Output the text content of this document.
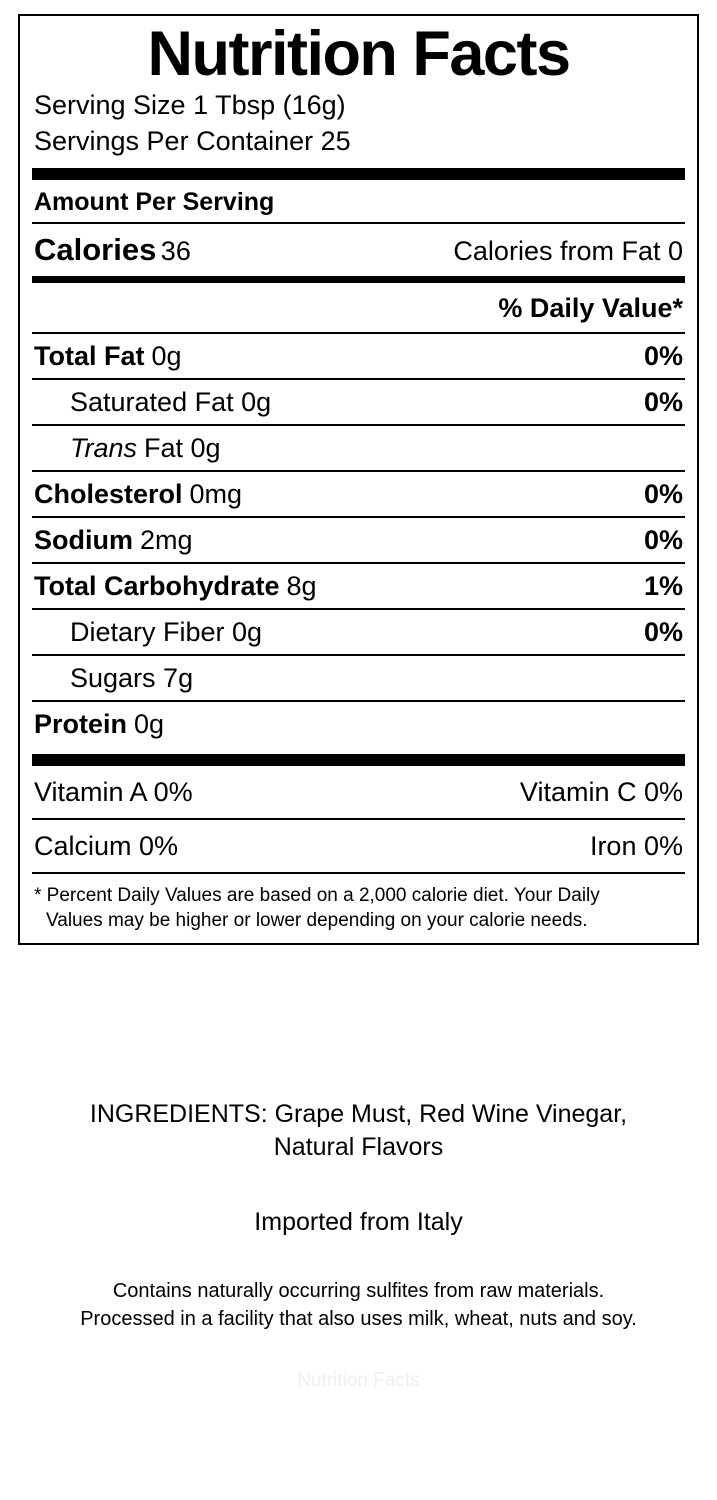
Nutrition Facts
Serving Size 1 Tbsp (16g)
Servings Per Container 25
Amount Per Serving
Calories 36	Calories from Fat 0
% Daily Value*
Total Fat 0g	0%
Saturated Fat 0g	0%
Trans Fat 0g
Cholesterol 0mg	0%
Sodium 2mg	0%
Total Carbohydrate 8g	1%
Dietary Fiber 0g	0%
Sugars 7g
Protein 0g
Vitamin A 0%	Vitamin C 0%
Calcium 0%	Iron 0%
* Percent Daily Values are based on a 2,000 calorie diet. Your Daily
Values may be higher or lower depending on your calorie needs.
INGREDIENTS: Grape Must, Red Wine Vinegar,
Natural Flavors
Imported from Italy
Contains naturally occurring sulfites from raw materials.
Processed in a facility that also uses milk, wheat, nuts and soy.
Nutrition Facts
